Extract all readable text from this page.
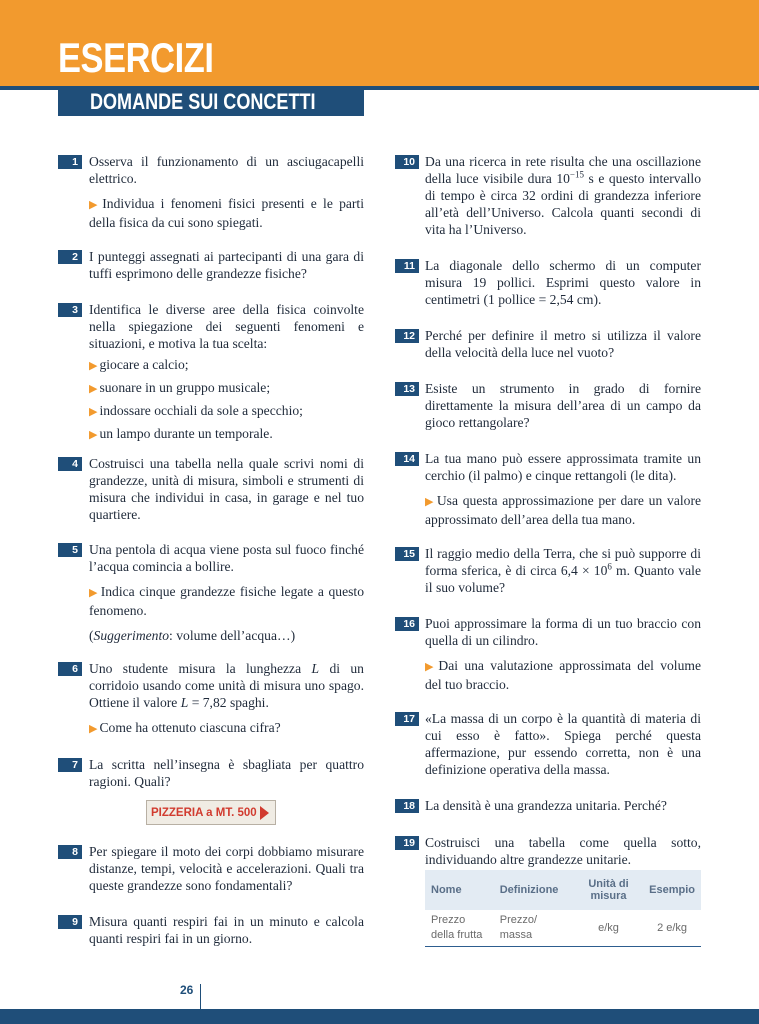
ESERCIZI
DOMANDE SUI CONCETTI
1 Osserva il funzionamento di un asciugacapelli elettrico.

▶ Individua i fenomeni fisici presenti e le parti della fisica da cui sono spiegati.

2 I punteggi assegnati ai partecipanti di una gara di tuffi esprimono delle grandezze fisiche?

3 Identifica le diverse aree della fisica coinvolte nella spiegazione dei seguenti fenomeni e situazioni, e motiva la tua scelta:

▶ giocare a calcio;
▶ suonare in un gruppo musicale;
▶ indossare occhiali da sole a specchio;
▶ un lampo durante un temporale.
4 Costruisci una tabella nella quale scrivi nomi di grandezze, unità di misura, simboli e strumenti di misura che individui in casa, in garage e nel tuo quartiere.

5 Una pentola di acqua viene posta sul fuoco finché l’acqua comincia a bollire.

▶ Indica cinque grandezze fisiche legate a questo fenomeno.

(Suggerimento: volume dell’acqua…)

6 Uno studente misura la lunghezza L di un corridoio usando come unità di misura uno spago. Ottiene il valore L = 7,82 spaghi.

▶ Come ha ottenuto ciascuna cifra?

7 La scritta nell’insegna è sbagliata per quattro ragioni. Quali?

PIZZERIA a MT. 500
8 Per spiegare il moto dei corpi dobbiamo misurare distanze, tempi, velocità e accelerazioni. Quali tra queste grandezze sono fondamentali?

9 Misura quanti respiri fai in un minuto e calcola quanti respiri fai in un giorno.

10 Da una ricerca in rete risulta che una oscillazione della luce visibile dura $10^{-15}$ s e questo intervallo di tempo è circa 32 ordini di grandezza inferiore all’età dell’Universo. Calcola quanti secondi di vita ha l’Universo.

11 La diagonale dello schermo di un computer misura 19 pollici. Esprimi questo valore in centimetri (1 pollice = 2,54 cm).

12 Perché per definire il metro si utilizza il valore della velocità della luce nel vuoto?

13 Esiste un strumento in grado di fornire direttamente la misura dell’area di un campo da gioco rettangolare?

14 La tua mano può essere approssimata tramite un cerchio (il palmo) e cinque rettangoli (le dita).

▶ Usa questa approssimazione per dare un valore approssimato dell’area della tua mano.

15 Il raggio medio della Terra, che si può supporre di forma sferica, è di circa $6,4 \times 10^6$ m. Quanto vale il suo volume?

16 Puoi approssimare la forma di un tuo braccio con quella di un cilindro.

▶ Dai una valutazione approssimata del volume del tuo braccio.

17 «La massa di un corpo è la quantità di materia di cui esso è fatto». Spiega perché questa affermazione, pur essendo corretta, non è una definizione operativa della massa.

18 La densità è una grandezza unitaria. Perché?

19 Costruisci una tabella come quella sotto, individuando altre grandezze unitarie.

Nome	Definizione	Unità di misura	Esempio
Prezzo della frutta	Prezzo/ massa	e/kg	2 e/kg
26
